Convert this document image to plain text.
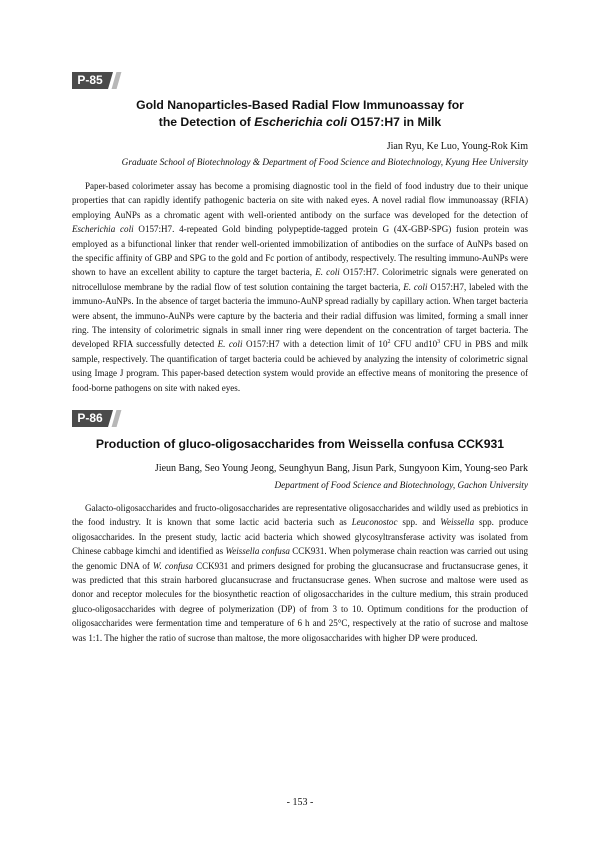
P-85
Gold Nanoparticles-Based Radial Flow Immunoassay for
the Detection of Escherichia coli O157:H7 in Milk
Jian Ryu, Ke Luo, Young-Rok Kim
Graduate School of Biotechnology & Department of Food Science and Biotechnology, Kyung Hee University

Paper-based colorimeter assay has become a promising diagnostic tool in the field of food industry due to their unique properties that can rapidly identify pathogenic bacteria on site with naked eyes. A novel radial flow immunoassay (RFIA) employing AuNPs as a chromatic agent with well-oriented antibody on the surface was developed for the detection of Escherichia coli O157:H7. 4-repeated Gold binding polypeptide-tagged protein G (4X-GBP-SPG) fusion protein was employed as a bifunctional linker that render well-oriented immobilization of antibodies on the surface of AuNPs based on the specific affinity of GBP and SPG to the gold and Fc portion of antibody, respectively. The resulting immuno-AuNPs were shown to have an excellent ability to capture the target bacteria, E. coli O157:H7. Colorimetric signals were generated on nitrocellulose membrane by the radial flow of test solution containing the target bacteria, E. coli O157:H7, labeled with the immuno-AuNPs. In the absence of target bacteria the immuno-AuNP spread radially by capillary action. When target bacteria were absent, the immuno-AuNPs were capture by the bacteria and their radial diffusion was limited, forming a small inner ring. The intensity of colorimetric signals in small inner ring were dependent on the concentration of target bacteria. The developed RFIA successfully detected E. coli O157:H7 with a detection limit of $10^2$ CFU $and10^3$ CFU in PBS and milk sample, respectively. The quantification of target bacteria could be achieved by analyzing the intensity of colorimetric signal using Image J program. This paper-based detection system would provide an effective means of monitoring the presence of food-borne pathogens on site with naked eyes.

P-86
Production of gluco-oligosaccharides from Weissella confusa CCK931
Jieun Bang, Seo Young Jeong, Seunghyun Bang, Jisun Park, Sungyoon Kim, Young-seo Park
Department of Food Science and Biotechnology, Gachon University

Galacto-oligosaccharides and fructo-oligosaccharides are representative oligosaccharides and wildly used as prebiotics in the food industry. It is known that some lactic acid bacteria such as Leuconostoc spp. and Weissella spp. produce oligosaccharides. In the present study, lactic acid bacteria which showed glycosyltransferase activity was isolated from Chinese cabbage kimchi and identified as Weissella confusa CCK931. When polymerase chain reaction was carried out using the genomic DNA of W. confusa CCK931 and primers designed for probing the glucansucrase and fructansucrase genes, it was predicted that this strain harbored glucansucrase and fructansucrase genes. When sucrose and maltose were used as donor and receptor molecules for the biosynthetic reaction of oligosaccharides in the culture medium, this strain produced gluco-oligosaccharides with degree of polymerization (DP) of from 3 to 10. Optimum conditions for the production of oligosaccharides were fermentation time and temperature of 6 h and 25°C, respectively at the ratio of sucrose and maltose was 1:1. The higher the ratio of sucrose than maltose, the more oligosaccharides with higher DP were produced.

- 153 -
